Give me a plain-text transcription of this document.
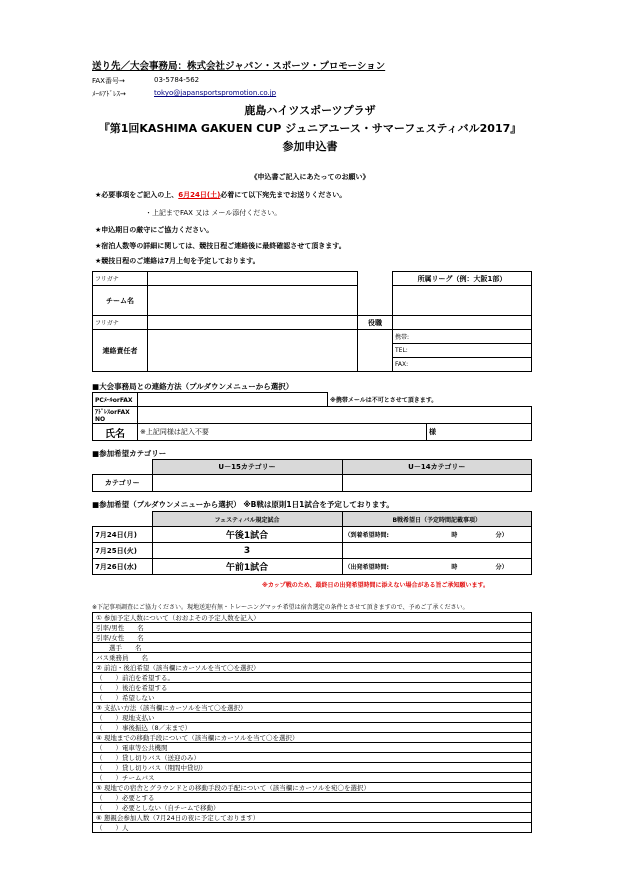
送り先／大会事務局：株式会社ジャパン・スポーツ・プロモーション
FAX番号→	03-5784-562
ﾒｰﾙｱﾄﾞﾚｽ→	tokyo@japansportspromotion.co.jp
鹿島ハイツスポーツプラザ
『第1回KASHIMA GAKUEN CUP ジュニアユース・サマーフェスティバル2017』
参加申込書
《申込書ご記入にあたってのお願い》
★必要事項をご記入の上、6月24日(土)必着にて以下宛先までお送りください。
・上記までFAX 又は メール添付ください。
★申込期日の厳守にご協力ください。
★宿泊人数等の詳細に関しては、競技日程ご連絡後に最終確認させて頂きます。
★競技日程のご連絡は7月上旬を予定しております。
フリガナ			所属リーグ（例：大阪1部）
チーム名			
フリガナ		役職	
連絡責任者			携帯:
			TEL:
			FAX:
■大会事務局との連絡方法（プルダウンメニューから選択）
PCﾒｰﾙorFAX		※携帯メールは不可とさせて頂きます。	
ｱﾄﾞﾚｽorFAX NO			
氏名	※上記同様は記入不要		様
■参加希望カテゴリー
	U－15カテゴリー	U－14カテゴリー
カテゴリー		
■参加希望（プルダウンメニューから選択） ※B戦は原則1日1試合を予定しております。
	フェスティバル規定試合	B戦希望日（予定時間記載事項）		
7月24日(月)	午後1試合	（到着希望時間:	時	分）
7月25日(火)	3			
7月26日(水)	午前1試合	（出発希望時間:	時	分）
※カップ戦のため、最終日の出発希望時間に添えない場合がある旨ご承知願います。
※下記事項調査にご協力ください。現地送迎有無・トレーニングマッチ希望は宿舎選定の条件とさせて頂きますので、予めご了承ください。
① 参加予定人数について（おおよその予定人数を記入）
引率/男性　　名
引率/女性　　名
　　選手　　名
バス乗務員　　名
② 前泊・後泊希望（該当欄にカーソルを当て〇を選択）
（　　）前泊を希望する。
（　　）後泊を希望する
（　　）希望しない
③ 支払い方法（該当欄にカーソルを当て〇を選択）
（　　）現地支払い
（　　）事後振込（8／末まで）
④ 現地までの移動手段について（該当欄にカーソルを当て〇を選択）
（　　）電車等公共機関
（　　）貸し切りバス（送迎のみ）
（　　）貸し切りバス（期間中貸切）
（　　）チームバス
⑤ 現地での宿舎とグラウンドとの移動手段の手配について（該当欄にカーソルを宛〇を選択）
（　　）必要とする
（　　）必要としない（自チームで移動）
⑥ 懇親会参加人数（7月24日の夜に予定しております）
（　　）人
